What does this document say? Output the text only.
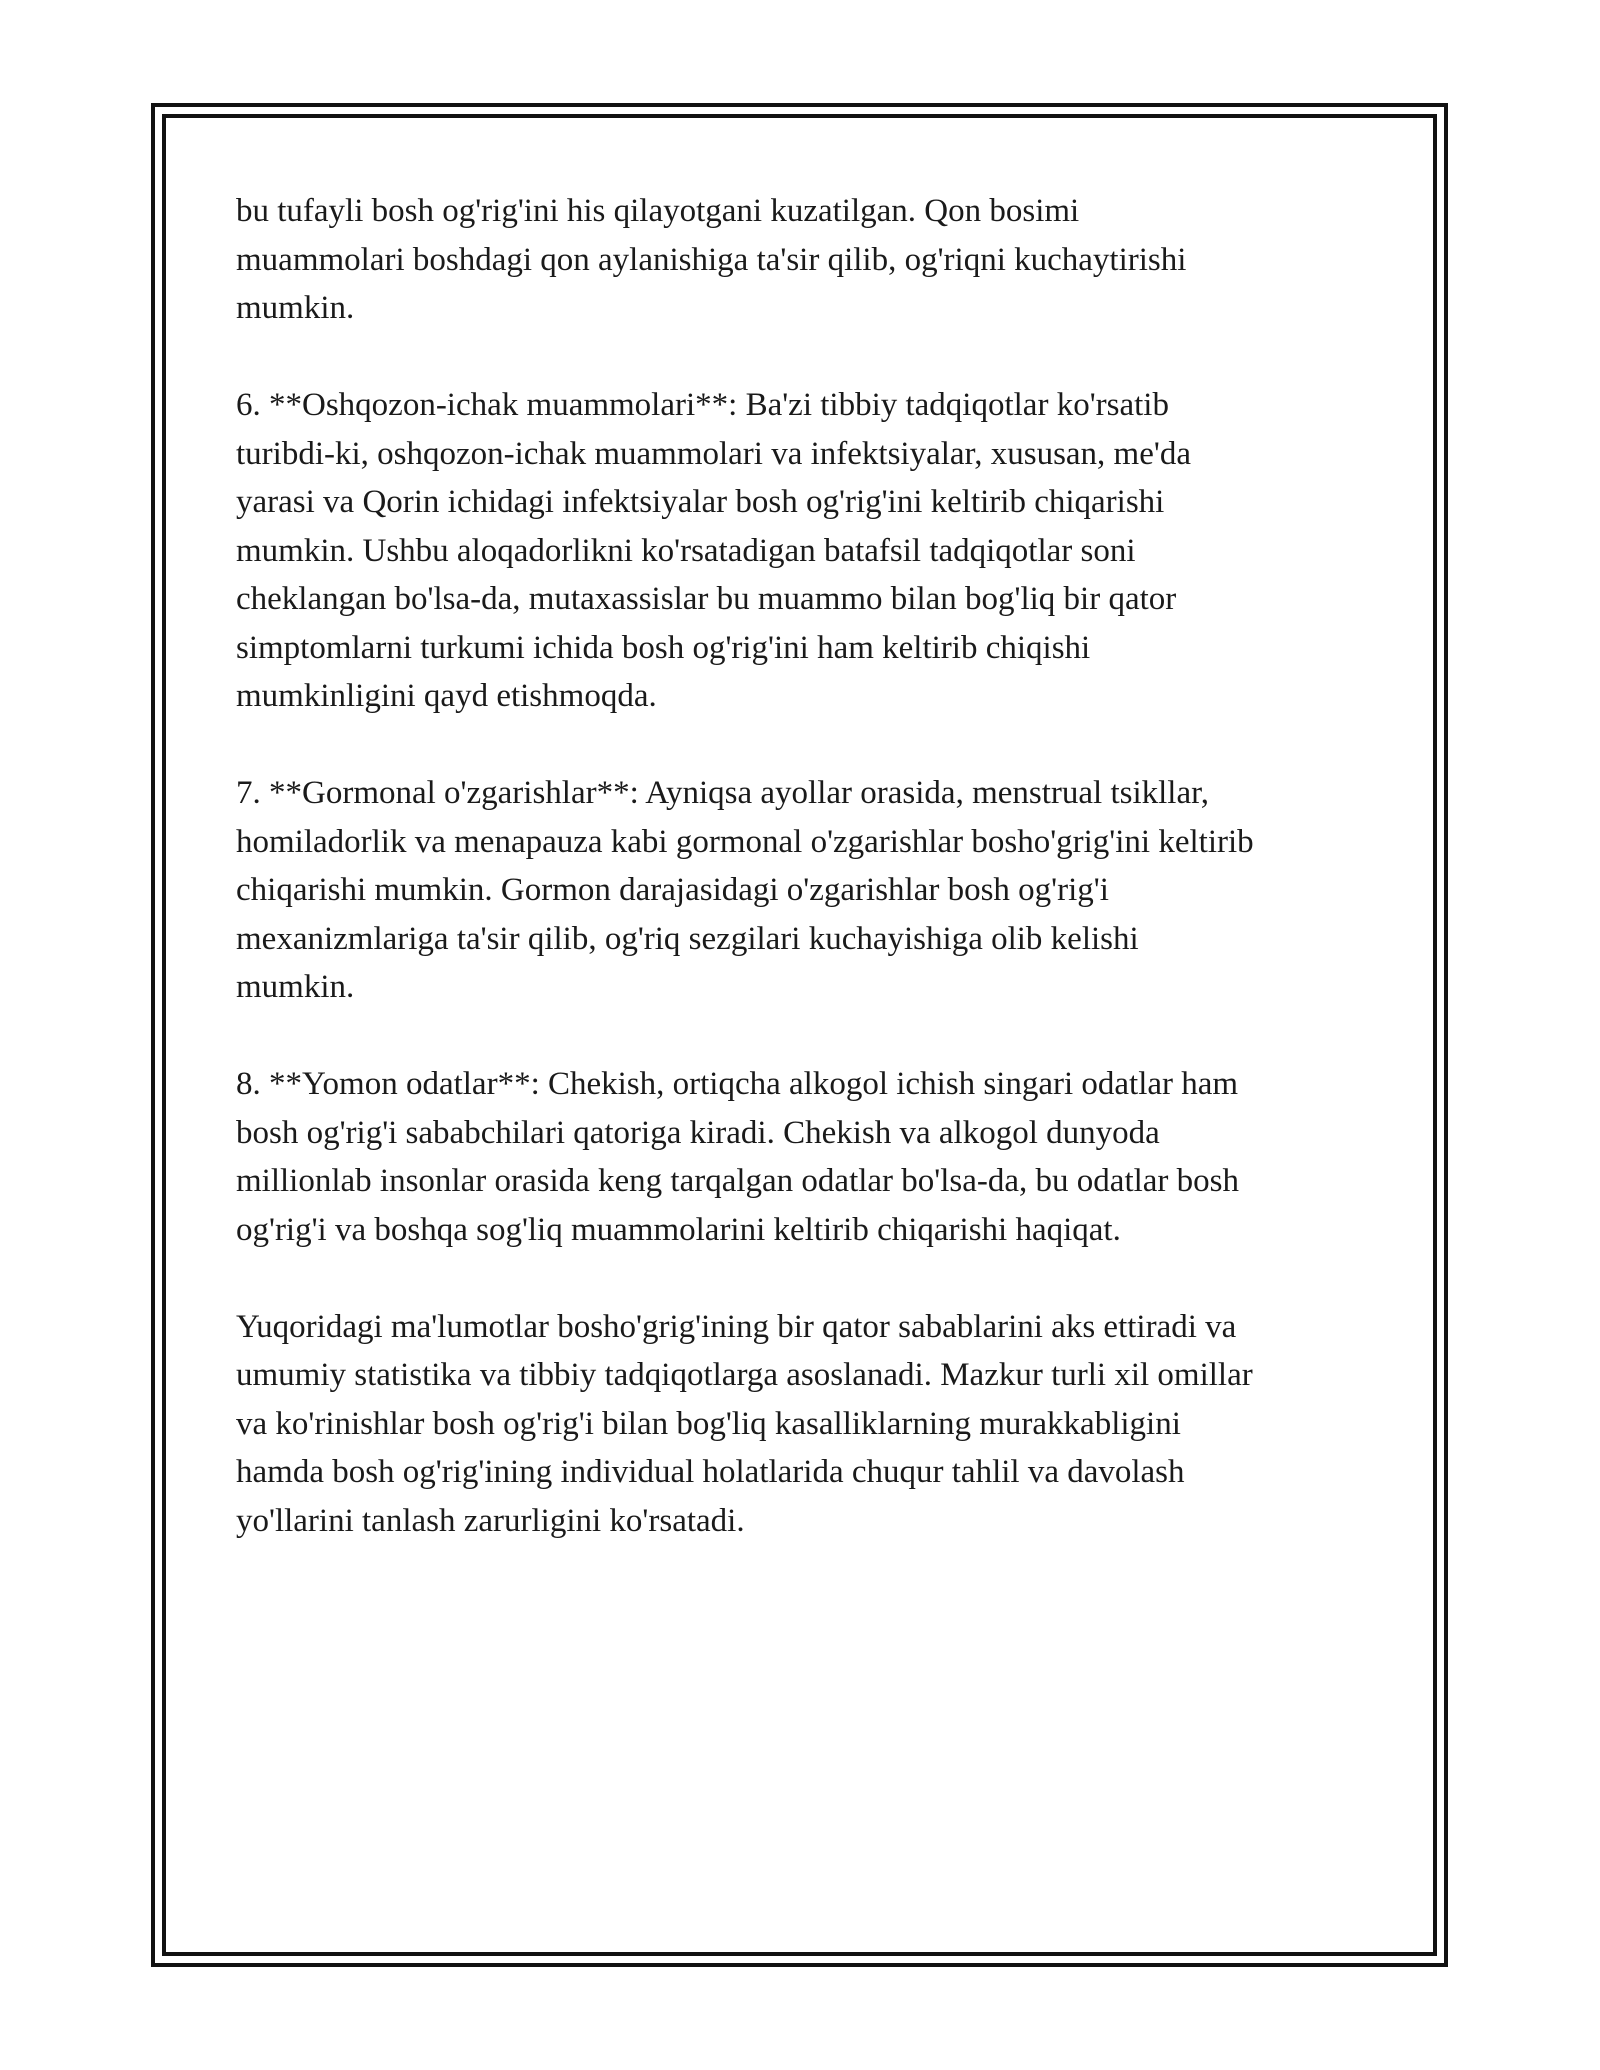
bu tufayli bosh og'rig'ini his qilayotgani kuzatilgan. Qon bosimi
muammolari boshdagi qon aylanishiga ta'sir qilib, og'riqni kuchaytirishi
mumkin.

6. **Oshqozon-ichak muammolari**: Ba'zi tibbiy tadqiqotlar ko'rsatib
turibdi-ki, oshqozon-ichak muammolari va infektsiyalar, xususan, me'da
yarasi va Qorin ichidagi infektsiyalar bosh og'rig'ini keltirib chiqarishi
mumkin. Ushbu aloqadorlikni ko'rsatadigan batafsil tadqiqotlar soni
cheklangan bo'lsa-da, mutaxassislar bu muammo bilan bog'liq bir qator
simptomlarni turkumi ichida bosh og'rig'ini ham keltirib chiqishi
mumkinligini qayd etishmoqda.

7. **Gormonal o'zgarishlar**: Ayniqsa ayollar orasida, menstrual tsikllar,
homiladorlik va menapauza kabi gormonal o'zgarishlar bosho'grig'ini keltirib
chiqarishi mumkin. Gormon darajasidagi o'zgarishlar bosh og'rig'i
mexanizmlariga ta'sir qilib, og'riq sezgilari kuchayishiga olib kelishi
mumkin.

8. **Yomon odatlar**: Chekish, ortiqcha alkogol ichish singari odatlar ham
bosh og'rig'i sababchilari qatoriga kiradi. Chekish va alkogol dunyoda
millionlab insonlar orasida keng tarqalgan odatlar bo'lsa-da, bu odatlar bosh
og'rig'i va boshqa sog'liq muammolarini keltirib chiqarishi haqiqat.

Yuqoridagi ma'lumotlar bosho'grig'ining bir qator sabablarini aks ettiradi va
umumiy statistika va tibbiy tadqiqotlarga asoslanadi. Mazkur turli xil omillar
va ko'rinishlar bosh og'rig'i bilan bog'liq kasalliklarning murakkabligini
hamda bosh og'rig'ining individual holatlarida chuqur tahlil va davolash
yo'llarini tanlash zarurligini ko'rsatadi.
